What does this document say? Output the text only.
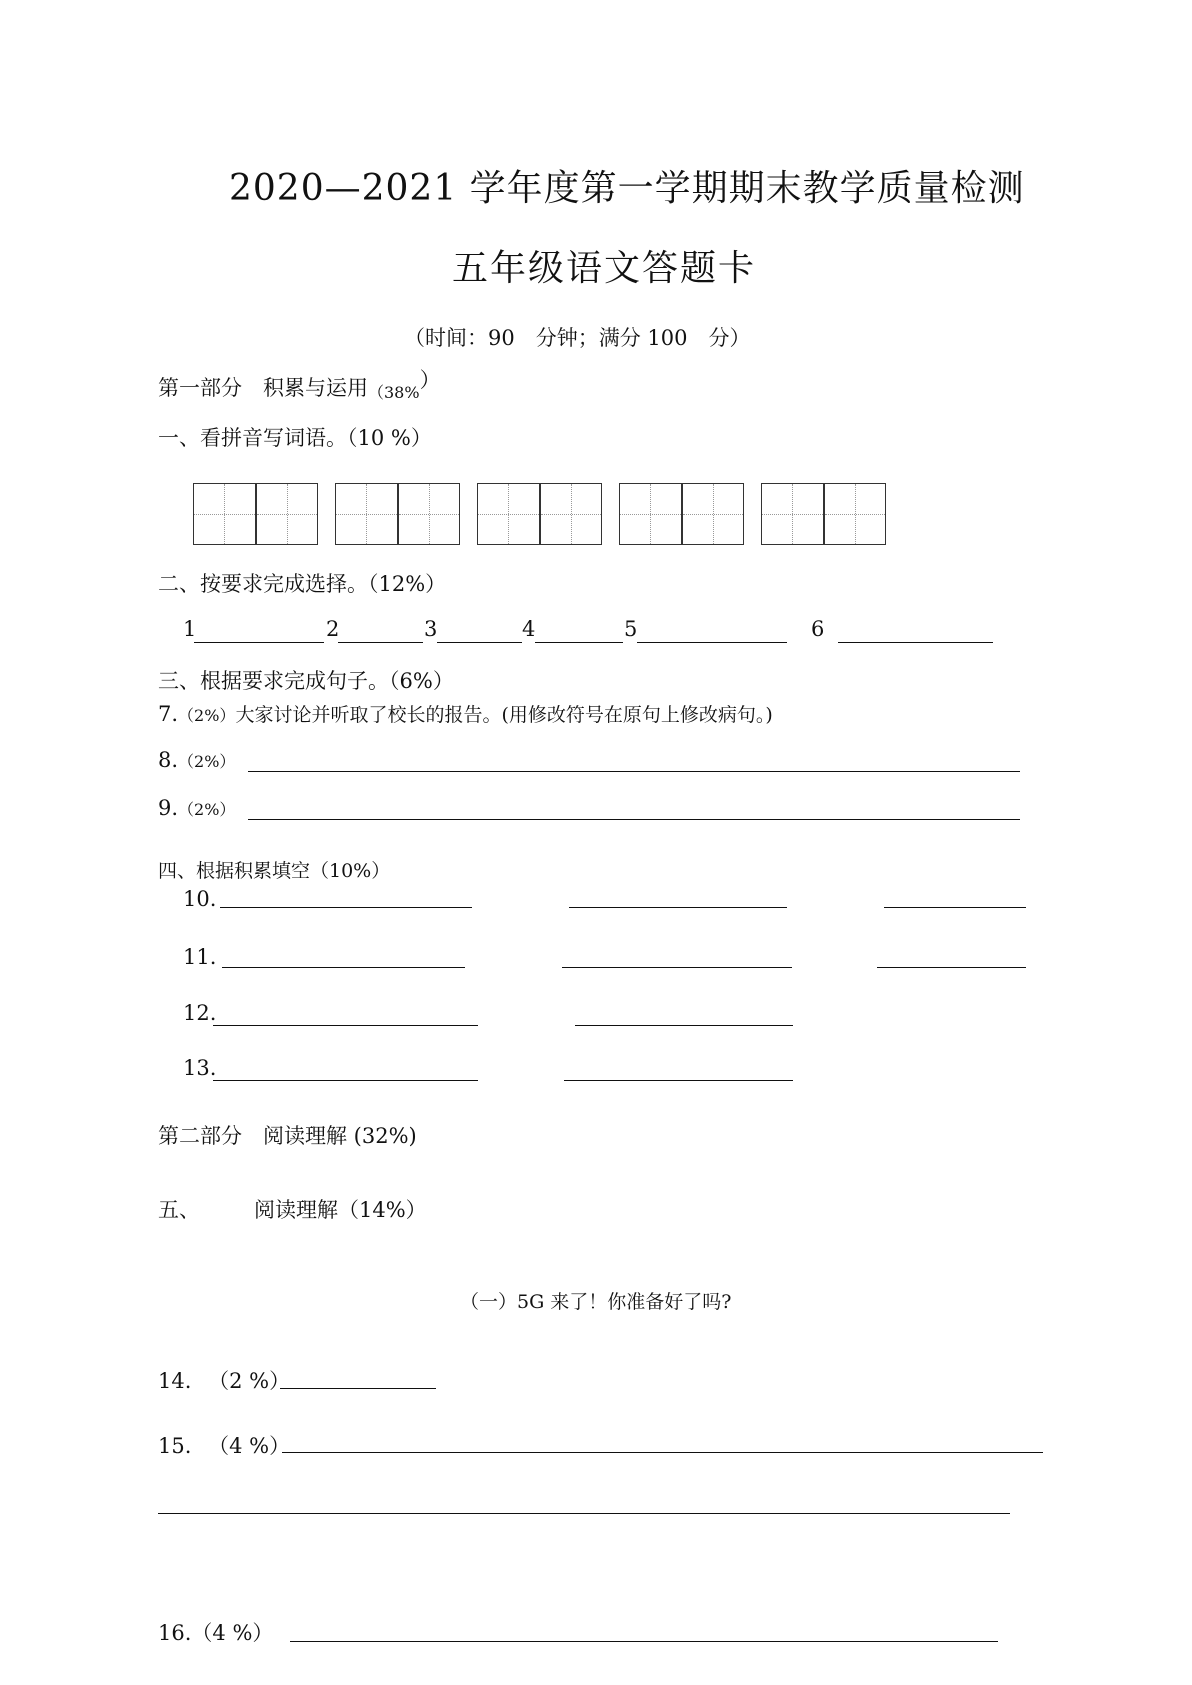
2020—2021 学年度第一学期期末教学质量检测
五年级语文答题卡
（时间：90　分钟；满分 100　分）
第一部分　积累与运用（38%）
一、看拼音写词语。（10 %）
二、按要求完成选择。（12%）
1	2	3	4	5	6
三、根据要求完成句子。（6%）
7.（2%）大家讨论并听取了校长的报告。(用修改符号在原句上修改病句。)
8.（2%）
9.（2%）
四、根据积累填空（10%）
10.
11.
12.
13.
第二部分　阅读理解 (32%)
五、	阅读理解（14%）
（一）5G 来了！你准备好了吗?
14. （2 %）
15. （4 %）
16.（4 %）
